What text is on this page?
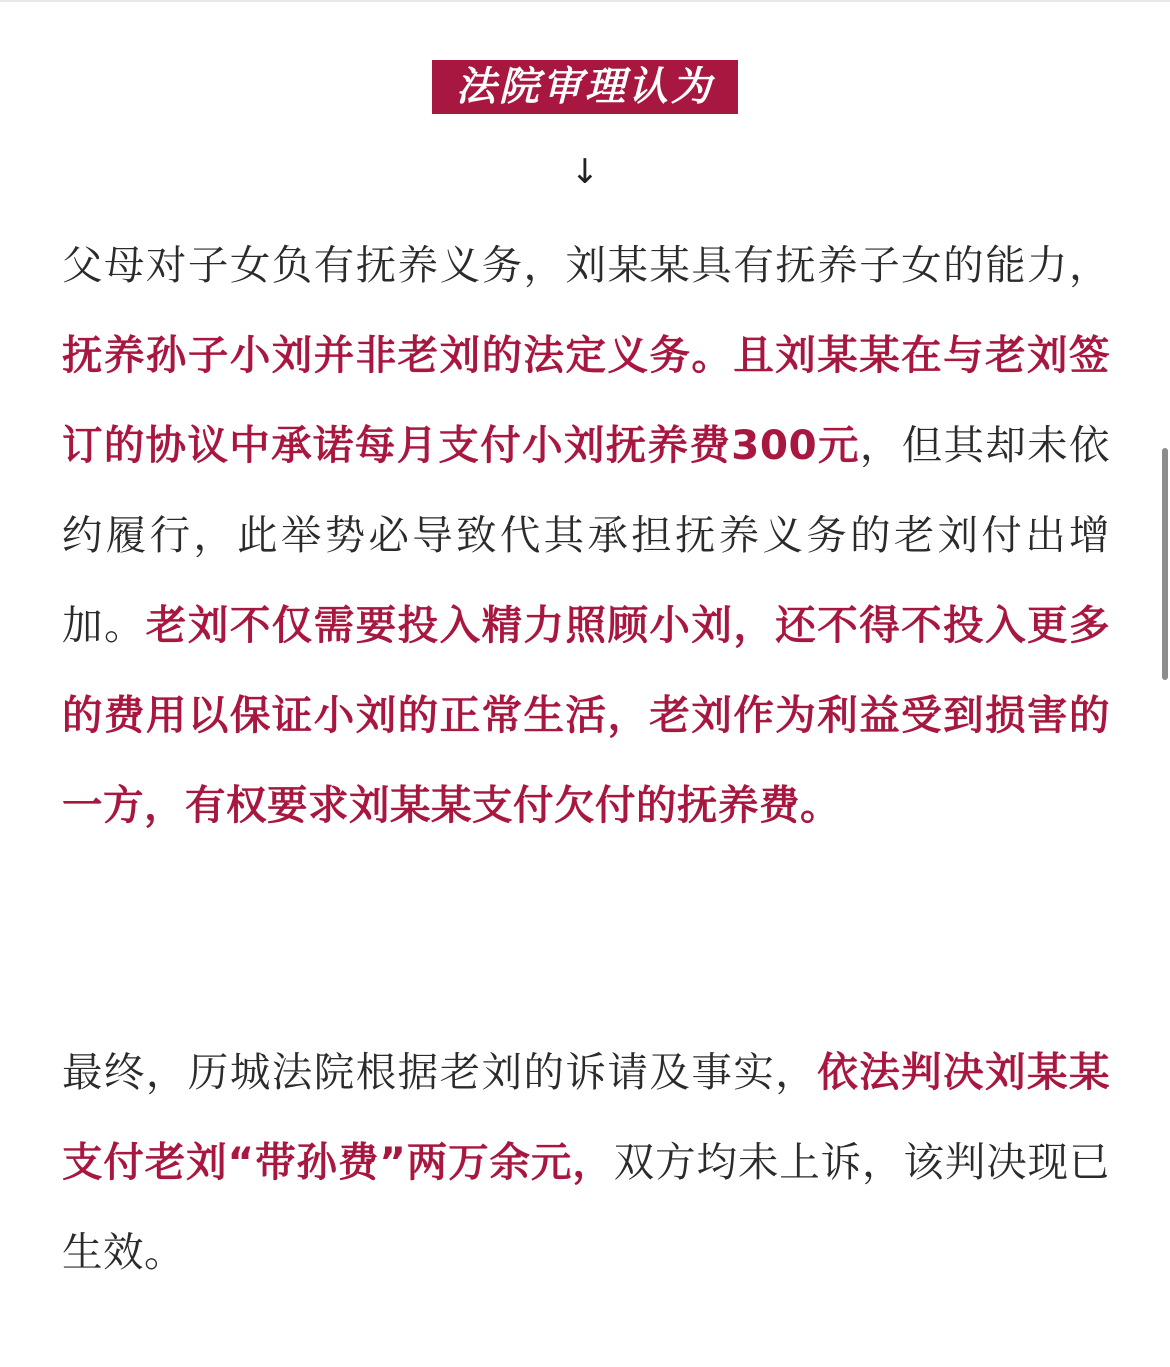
法院审理认为
↓

父母对子女负有抚养义务，刘某某具有抚养子女的能力，抚养孙子小刘并非老刘的法定义务。且刘某某在与老刘签订的协议中承诺每月支付小刘抚养费300元，但其却未依约履行，此举势必导致代其承担抚养义务的老刘付出增加。老刘不仅需要投入精力照顾小刘，还不得不投入更多的费用以保证小刘的正常生活，老刘作为利益受到损害的一方，有权要求刘某某支付欠付的抚养费。

最终，历城法院根据老刘的诉请及事实，依法判决刘某某支付老刘“带孙费”两万余元，双方均未上诉，该判决现已生效。
